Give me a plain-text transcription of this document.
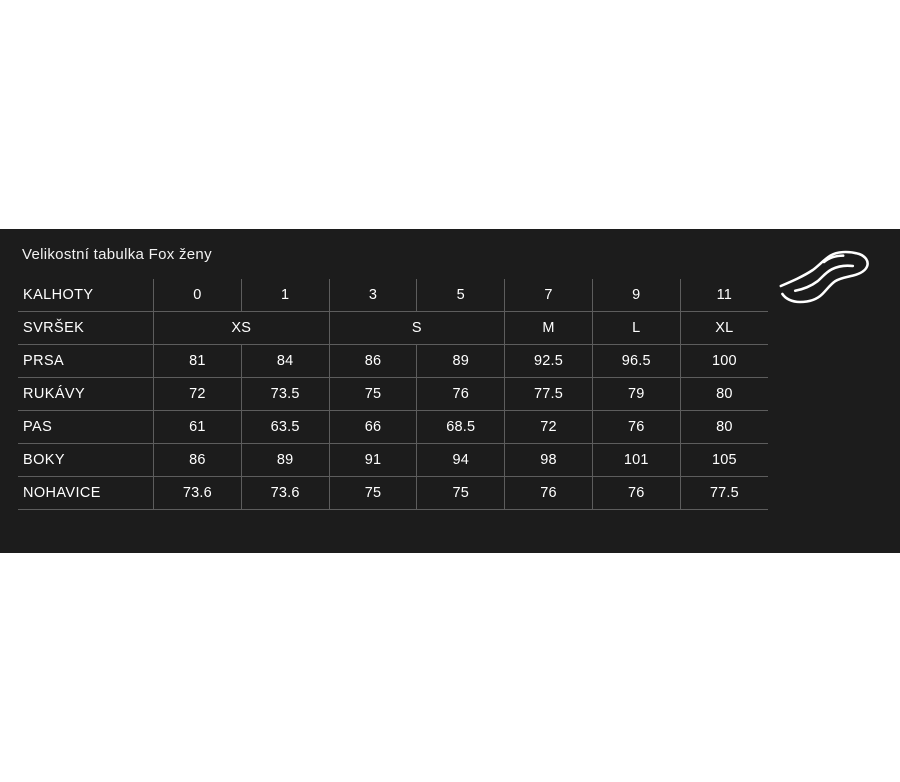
Velikostní tabulka Fox ženy
KALHOTY	0	1	3	5	7	9	11
SVRŠEK	XS		S		M	L	XL
PRSA	81	84	86	89	92.5	96.5	100
RUKÁVY	72	73.5	75	76	77.5	79	80
PAS	61	63.5	66	68.5	72	76	80
BOKY	86	89	91	94	98	101	105
NOHAVICE	73.6	73.6	75	75	76	76	77.5
